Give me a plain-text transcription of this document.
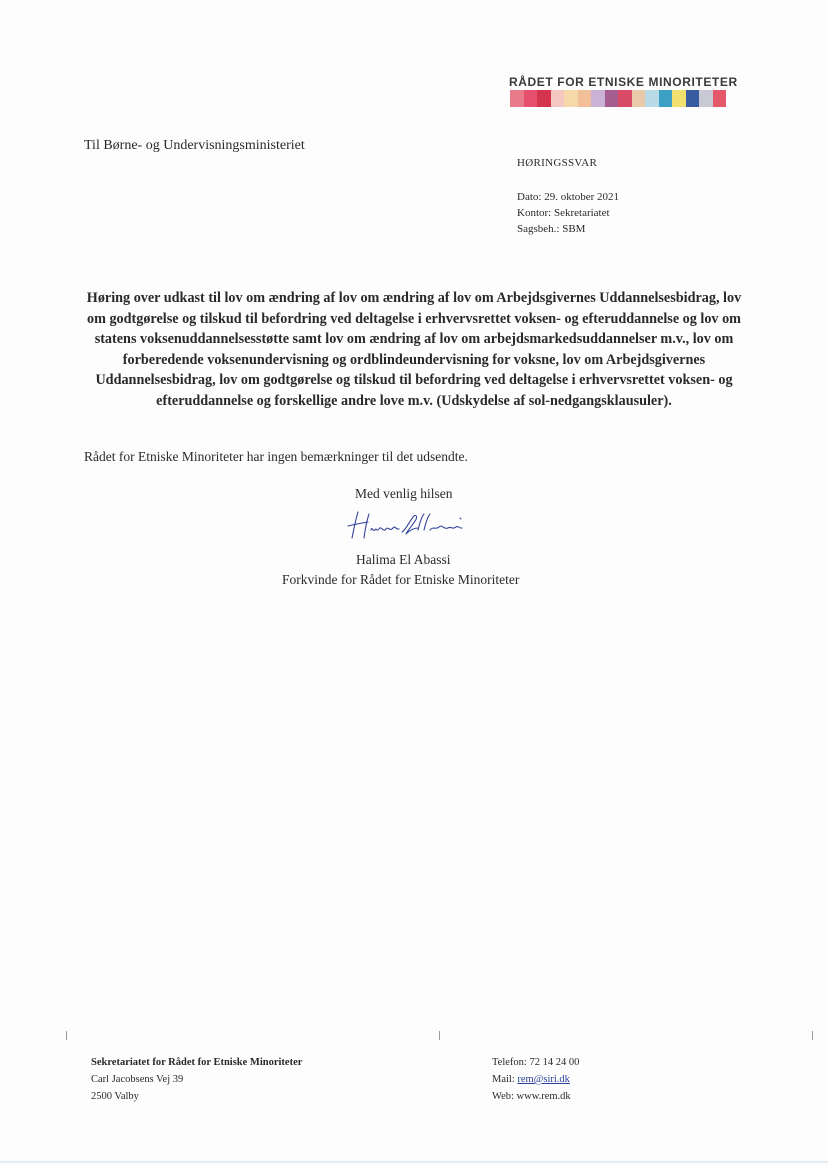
RÅDET FOR ETNISKE MINORITETER
Til Børne- og Undervisningsministeriet
HØRINGSSVAR
Dato: 29. oktober 2021
Kontor: Sekretariatet
Sagsbeh.: SBM
Høring over udkast til lov om ændring af lov om ændring af lov om Arbejdsgivernes Uddannelsesbidrag, lov om godtgørelse og tilskud til befordring ved deltagelse i erhvervsrettet voksen- og efteruddannelse og lov om statens voksenuddannelsesstøtte samt lov om ændring af lov om arbejdsmarkedsuddannelser m.v., lov om forberedende voksenundervisning og ordblindeundervisning for voksne, lov om Arbejdsgivernes Uddannelsesbidrag, lov om godtgørelse og tilskud til befordring ved deltagelse i erhvervsrettet voksen- og efteruddannelse og forskellige andre love m.v. (Udskydelse af sol-nedgangsklausuler).
Rådet for Etniske Minoriteter har ingen bemærkninger til det udsendte.
Med venlig hilsen
Halima El Abassi
Forkvinde for Rådet for Etniske Minoriteter
Sekretariatet for Rådet for Etniske Minoriteter
Carl Jacobsens Vej 39
2500 Valby
Telefon: 72 14 24 00
Mail: rem@siri.dk
Web: www.rem.dk
